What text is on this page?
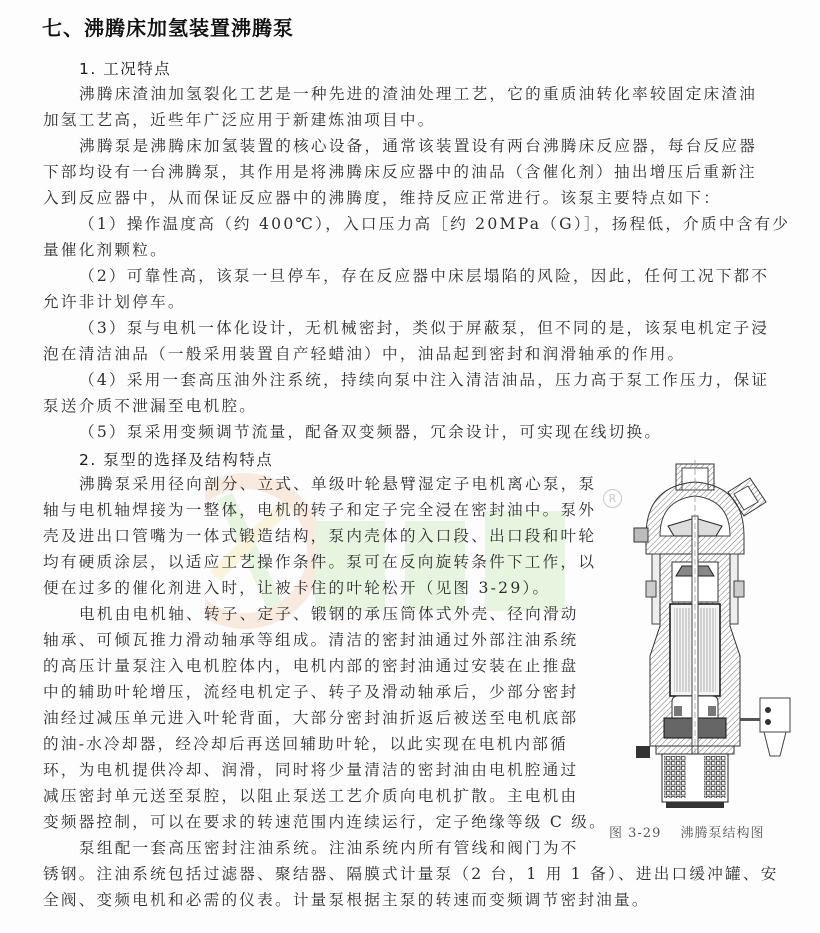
七、沸腾床加氢装置沸腾泵
1. 工况特点
沸腾床渣油加氢裂化工艺是一种先进的渣油处理工艺，它的重质油转化率较固定床渣油
加氢工艺高，近些年广泛应用于新建炼油项目中。
沸腾泵是沸腾床加氢装置的核心设备，通常该装置设有两台沸腾床反应器，每台反应器
下部均设有一台沸腾泵，其作用是将沸腾床反应器中的油品（含催化剂）抽出增压后重新注
入到反应器中，从而保证反应器中的沸腾度，维持反应正常进行。该泵主要特点如下：
（1）操作温度高（约 400℃），入口压力高［约 20MPa（G）］，扬程低，介质中含有少
量催化剂颗粒。
（2）可靠性高，该泵一旦停车，存在反应器中床层塌陷的风险，因此，任何工况下都不
允许非计划停车。
（3）泵与电机一体化设计，无机械密封，类似于屏蔽泵，但不同的是，该泵电机定子浸
泡在清洁油品（一般采用装置自产轻蜡油）中，油品起到密封和润滑轴承的作用。
（4）采用一套高压油外注系统，持续向泵中注入清洁油品，压力高于泵工作压力，保证
泵送介质不泄漏至电机腔。
（5）泵采用变频调节流量，配备双变频器，冗余设计，可实现在线切换。
2. 泵型的选择及结构特点
R
沸腾泵采用径向剖分、立式、单级叶轮悬臂湿定子电机离心泵，泵
轴与电机轴焊接为一整体，电机的转子和定子完全浸在密封油中。泵外
壳及进出口管嘴为一体式锻造结构，泵内壳体的入口段、出口段和叶轮
均有硬质涂层，以适应工艺操作条件。泵可在反向旋转条件下工作，以
便在过多的催化剂进入时，让被卡住的叶轮松开（见图 3-29）。
电机由电机轴、转子、定子、锻钢的承压筒体式外壳、径向滑动
轴承、可倾瓦推力滑动轴承等组成。清洁的密封油通过外部注油系统
的高压计量泵注入电机腔体内，电机内部的密封油通过安装在止推盘
中的辅助叶轮增压，流经电机定子、转子及滑动轴承后，少部分密封
油经过减压单元进入叶轮背面，大部分密封油折返后被送至电机底部
的油-水冷却器，经冷却后再送回辅助叶轮，以此实现在电机内部循
环，为电机提供冷却、润滑，同时将少量清洁的密封油由电机腔通过
减压密封单元送至泵腔，以阻止泵送工艺介质向电机扩散。主电机由
变频器控制，可以在要求的转速范围内连续运行，定子绝缘等级 C 级。
泵组配一套高压密封注油系统。注油系统内所有管线和阀门为不
锈钢。注油系统包括过滤器、聚结器、隔膜式计量泵（2 台，1 用 1 备）、进出口缓冲罐、安
全阀、变频电机和必需的仪表。计量泵根据主泵的转速而变频调节密封油量。
图 3-29 沸腾泵结构图
